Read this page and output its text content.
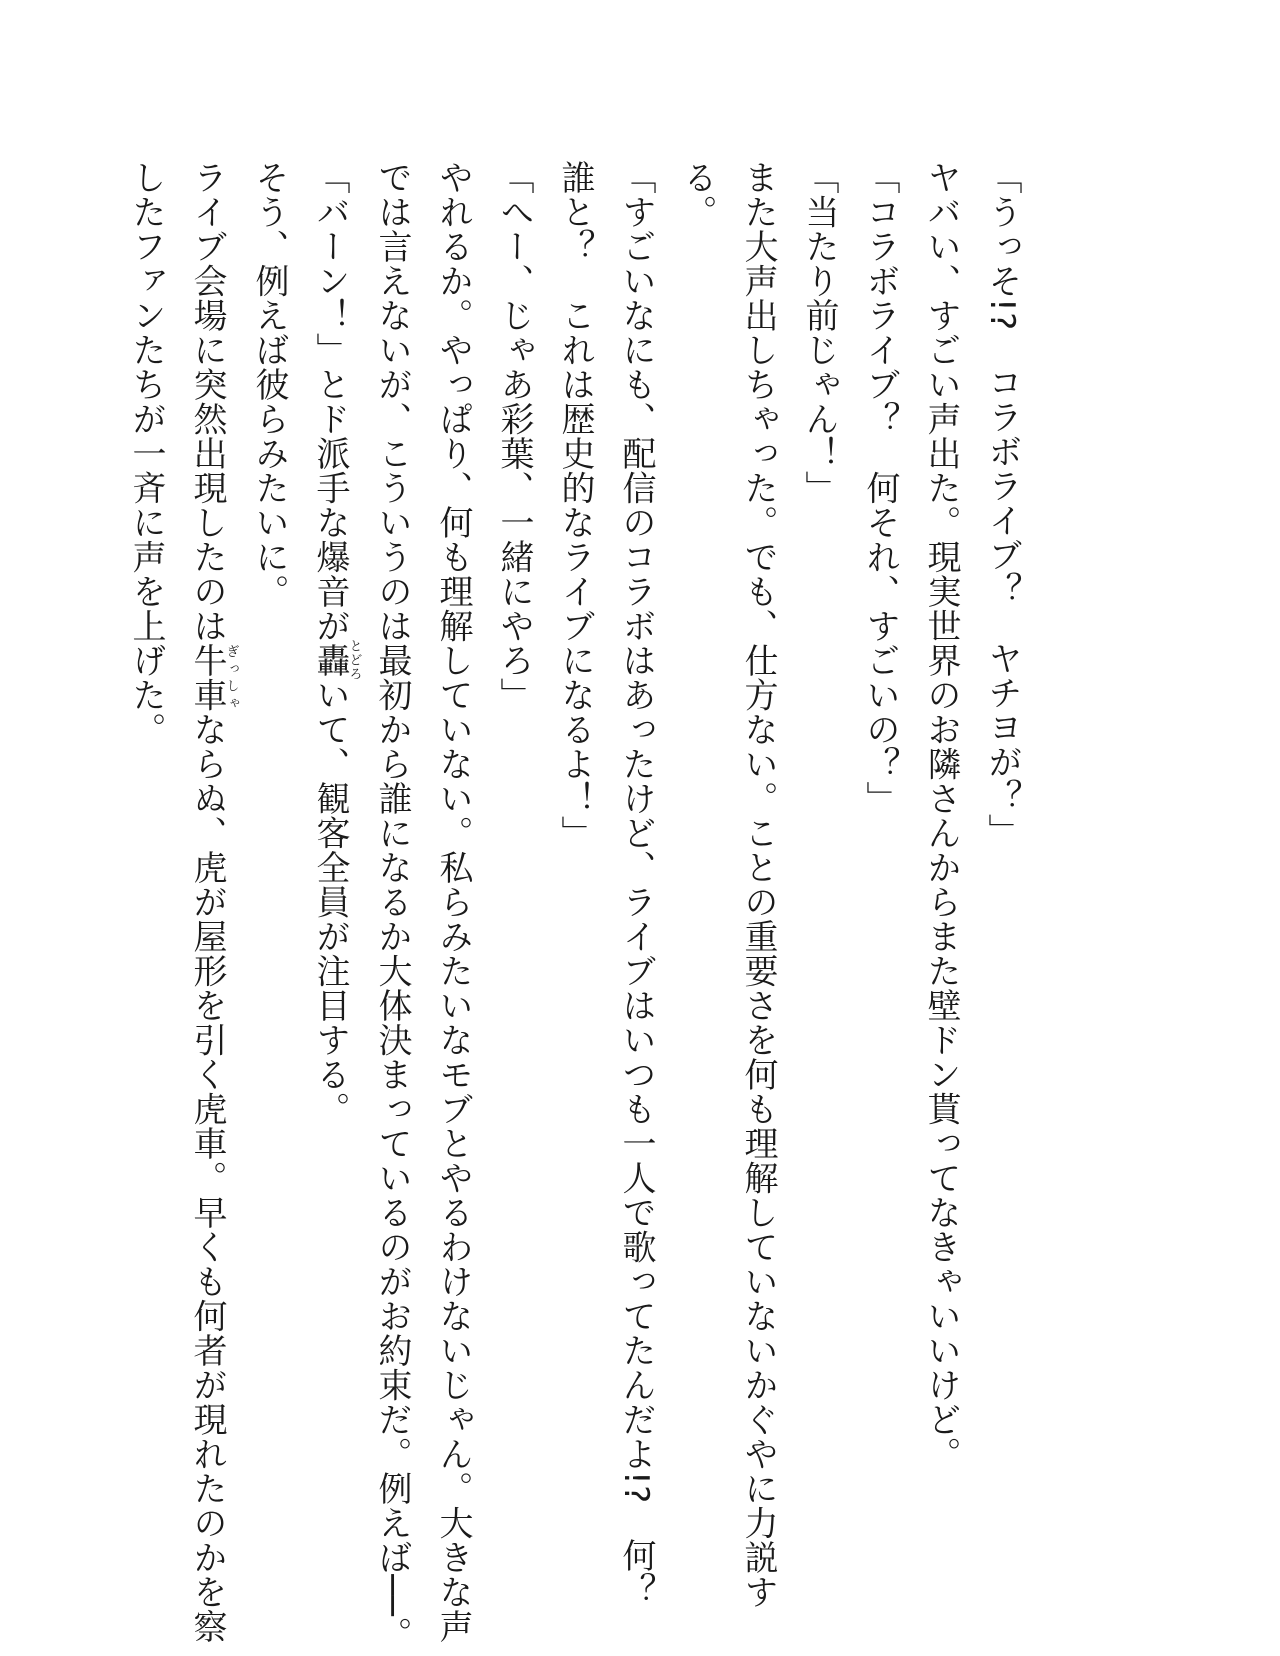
「うっそ!?　コラボライブ？　ヤチヨが？」
ヤバい、すごい声出た。現実世界のお隣さんからまた壁ドン貰ってなきゃいいけど。
「コラボライブ？　何それ、すごいの？」
「当たり前じゃん！」
また大声出しちゃった。でも、仕方ない。ことの重要さを何も理解していないかぐやに力説す
る。
「すごいなにも、配信のコラボはあったけど、ライブはいつも一人で歌ってたんだよ!?　何？
誰と？　これは歴史的なライブになるよ！」
「へー、じゃあ彩葉、一緒にやろ」
やれるか。やっぱり、何も理解していない。私らみたいなモブとやるわけないじゃん。大きな声
では言えないが、こういうのは最初から誰になるか大体決まっているのがお約束だ。例えば──。
「バーン！」とド派手な爆音が轟とどろいて、観客全員が注目する。
そう、例えば彼らみたいに。
ライブ会場に突然出現したのは牛車ぎっしゃならぬ、虎が屋形を引く虎車。早くも何者が現れたのかを察
したファンたちが一斉に声を上げた。
